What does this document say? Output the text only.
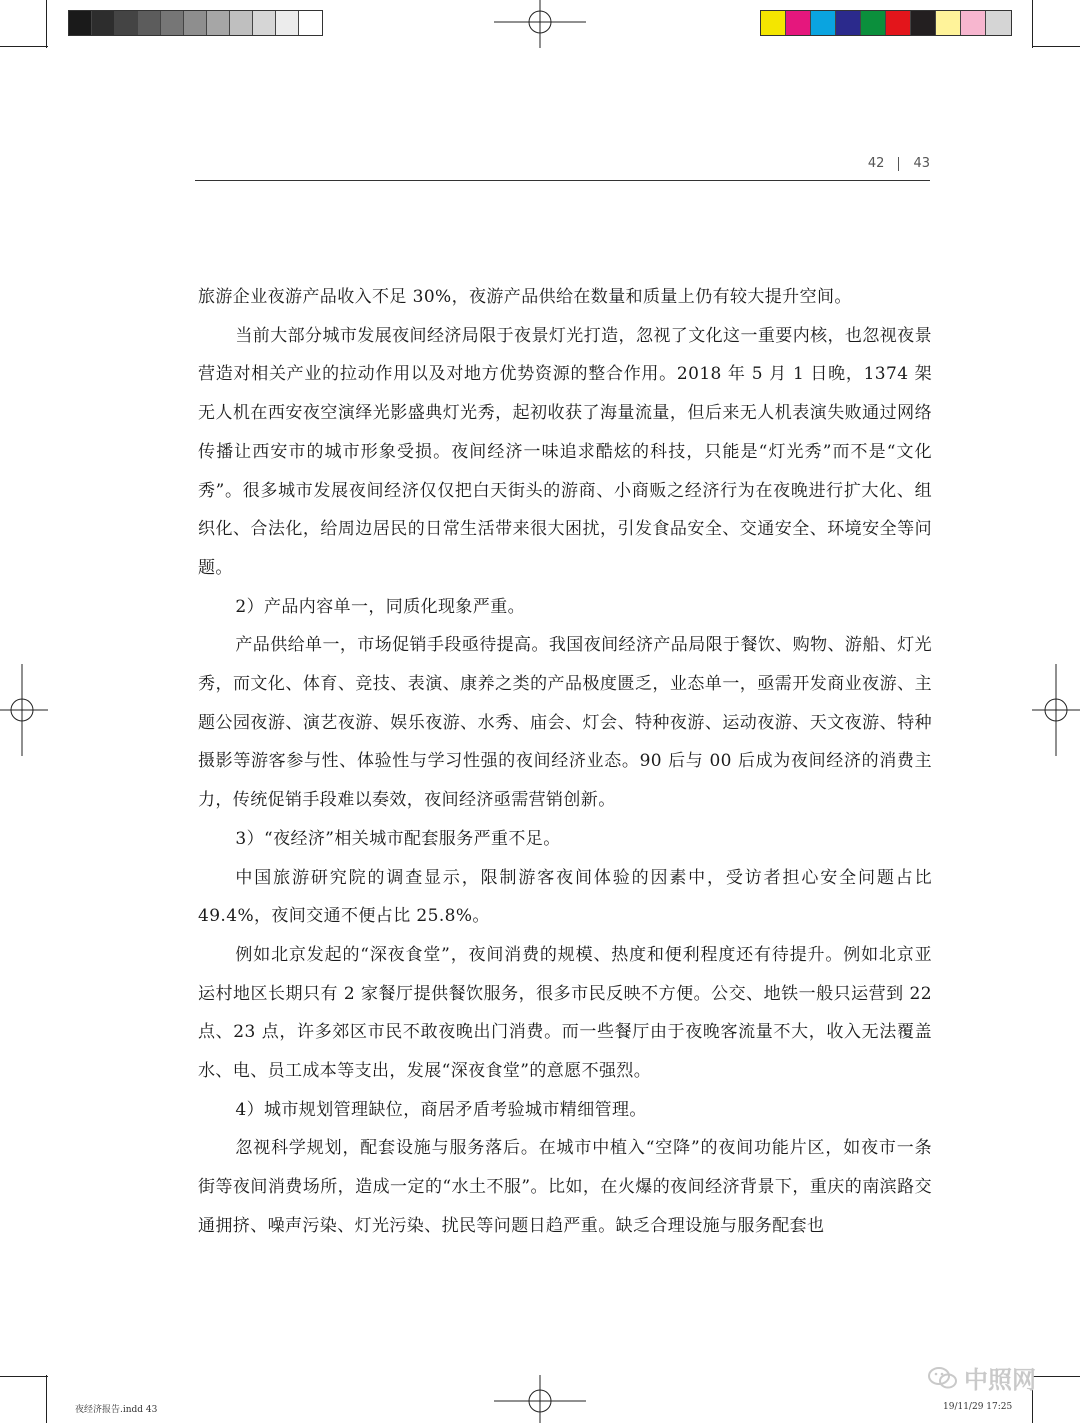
42 43

旅游企业夜游产品收入不足 30%，夜游产品供给在数量和质量上仍有较大提升空间。

当前大部分城市发展夜间经济局限于夜景灯光打造，忽视了文化这一重要内核，也忽视夜景营造对相关产业的拉动作用以及对地方优势资源的整合作用。2018 年 5 月 1 日晚，1374 架无人机在西安夜空演绎光影盛典灯光秀，起初收获了海量流量，但后来无人机表演失败通过网络传播让西安市的城市形象受损。夜间经济一味追求酷炫的科技，只能是“灯光秀”而不是“文化秀”。很多城市发展夜间经济仅仅把白天街头的游商、小商贩之经济行为在夜晚进行扩大化、组织化、合法化，给周边居民的日常生活带来很大困扰，引发食品安全、交通安全、环境安全等问题。

2）产品内容单一，同质化现象严重。

产品供给单一，市场促销手段亟待提高。我国夜间经济产品局限于餐饮、购物、游船、灯光秀，而文化、体育、竞技、表演、康养之类的产品极度匮乏，业态单一，亟需开发商业夜游、主题公园夜游、演艺夜游、娱乐夜游、水秀、庙会、灯会、特种夜游、运动夜游、天文夜游、特种摄影等游客参与性、体验性与学习性强的夜间经济业态。90 后与 00 后成为夜间经济的消费主力，传统促销手段难以奏效，夜间经济亟需营销创新。

3）“夜经济”相关城市配套服务严重不足。

中国旅游研究院的调查显示，限制游客夜间体验的因素中，受访者担心安全问题占比 49.4%，夜间交通不便占比 25.8%。

例如北京发起的“深夜食堂”，夜间消费的规模、热度和便利程度还有待提升。例如北京亚运村地区长期只有 2 家餐厅提供餐饮服务，很多市民反映不方便。公交、地铁一般只运营到 22 点、23 点，许多郊区市民不敢夜晚出门消费。而一些餐厅由于夜晚客流量不大，收入无法覆盖水、电、员工成本等支出，发展“深夜食堂”的意愿不强烈。

4）城市规划管理缺位，商居矛盾考验城市精细管理。

忽视科学规划，配套设施与服务落后。在城市中植入“空降”的夜间功能片区，如夜市一条街等夜间消费场所，造成一定的“水土不服”。比如，在火爆的夜间经济背景下，重庆的南滨路交通拥挤、噪声污染、灯光污染、扰民等问题日趋严重。缺乏合理设施与服务配套也

中照网
夜经济报告.indd 43	19/11/29 17:25
